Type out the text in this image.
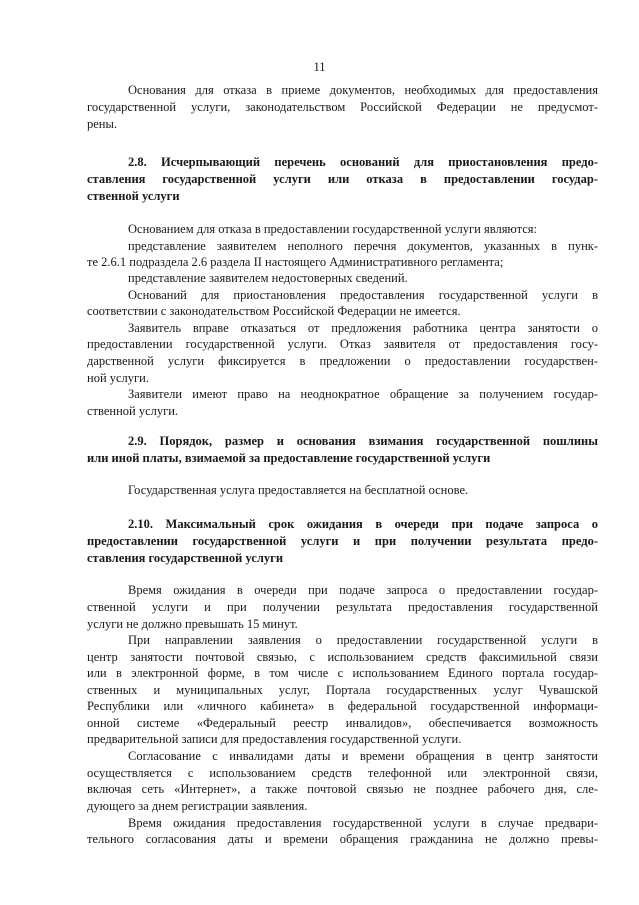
11
Основания для отказа в приеме документов, необходимых для предоставления
государственной услуги, законодательством Российской Федерации не предусмот-
рены.
2.8. Исчерпывающий перечень оснований для приостановления предо-
ставления государственной услуги или отказа в предоставлении государ-
ственной услуги
Основанием для отказа в предоставлении государственной услуги являются:
представление заявителем неполного перечня документов, указанных в пунк-
те 2.6.1 подраздела 2.6 раздела II настоящего Административного регламента;
представление заявителем недостоверных сведений.
Оснований для приостановления предоставления государственной услуги в
соответствии с законодательством Российской Федерации не имеется.
Заявитель вправе отказаться от предложения работника центра занятости о
предоставлении государственной услуги. Отказ заявителя от предоставления госу-
дарственной услуги фиксируется в предложении о предоставлении государствен-
ной услуги.
Заявители имеют право на неоднократное обращение за получением государ-
ственной услуги.
2.9. Порядок, размер и основания взимания государственной пошлины
или иной платы, взимаемой за предоставление государственной услуги
Государственная услуга предоставляется на бесплатной основе.
2.10. Максимальный срок ожидания в очереди при подаче запроса о
предоставлении государственной услуги и при получении результата предо-
ставления государственной услуги
Время ожидания в очереди при подаче запроса о предоставлении государ-
ственной услуги и при получении результата предоставления государственной
услуги не должно превышать 15 минут.
При направлении заявления о предоставлении государственной услуги в
центр занятости почтовой связью, с использованием средств факсимильной связи
или в электронной форме, в том числе с использованием Единого портала государ-
ственных и муниципальных услуг, Портала государственных услуг Чувашской
Республики или «личного кабинета» в федеральной государственной информаци-
онной системе «Федеральный реестр инвалидов», обеспечивается возможность
предварительной записи для предоставления государственной услуги.
Согласование с инвалидами даты и времени обращения в центр занятости
осуществляется с использованием средств телефонной или электронной связи,
включая сеть «Интернет», а также почтовой связью не позднее рабочего дня, сле-
дующего за днем регистрации заявления.
Время ожидания предоставления государственной услуги в случае предвари-
тельного согласования даты и времени обращения гражданина не должно превы-
